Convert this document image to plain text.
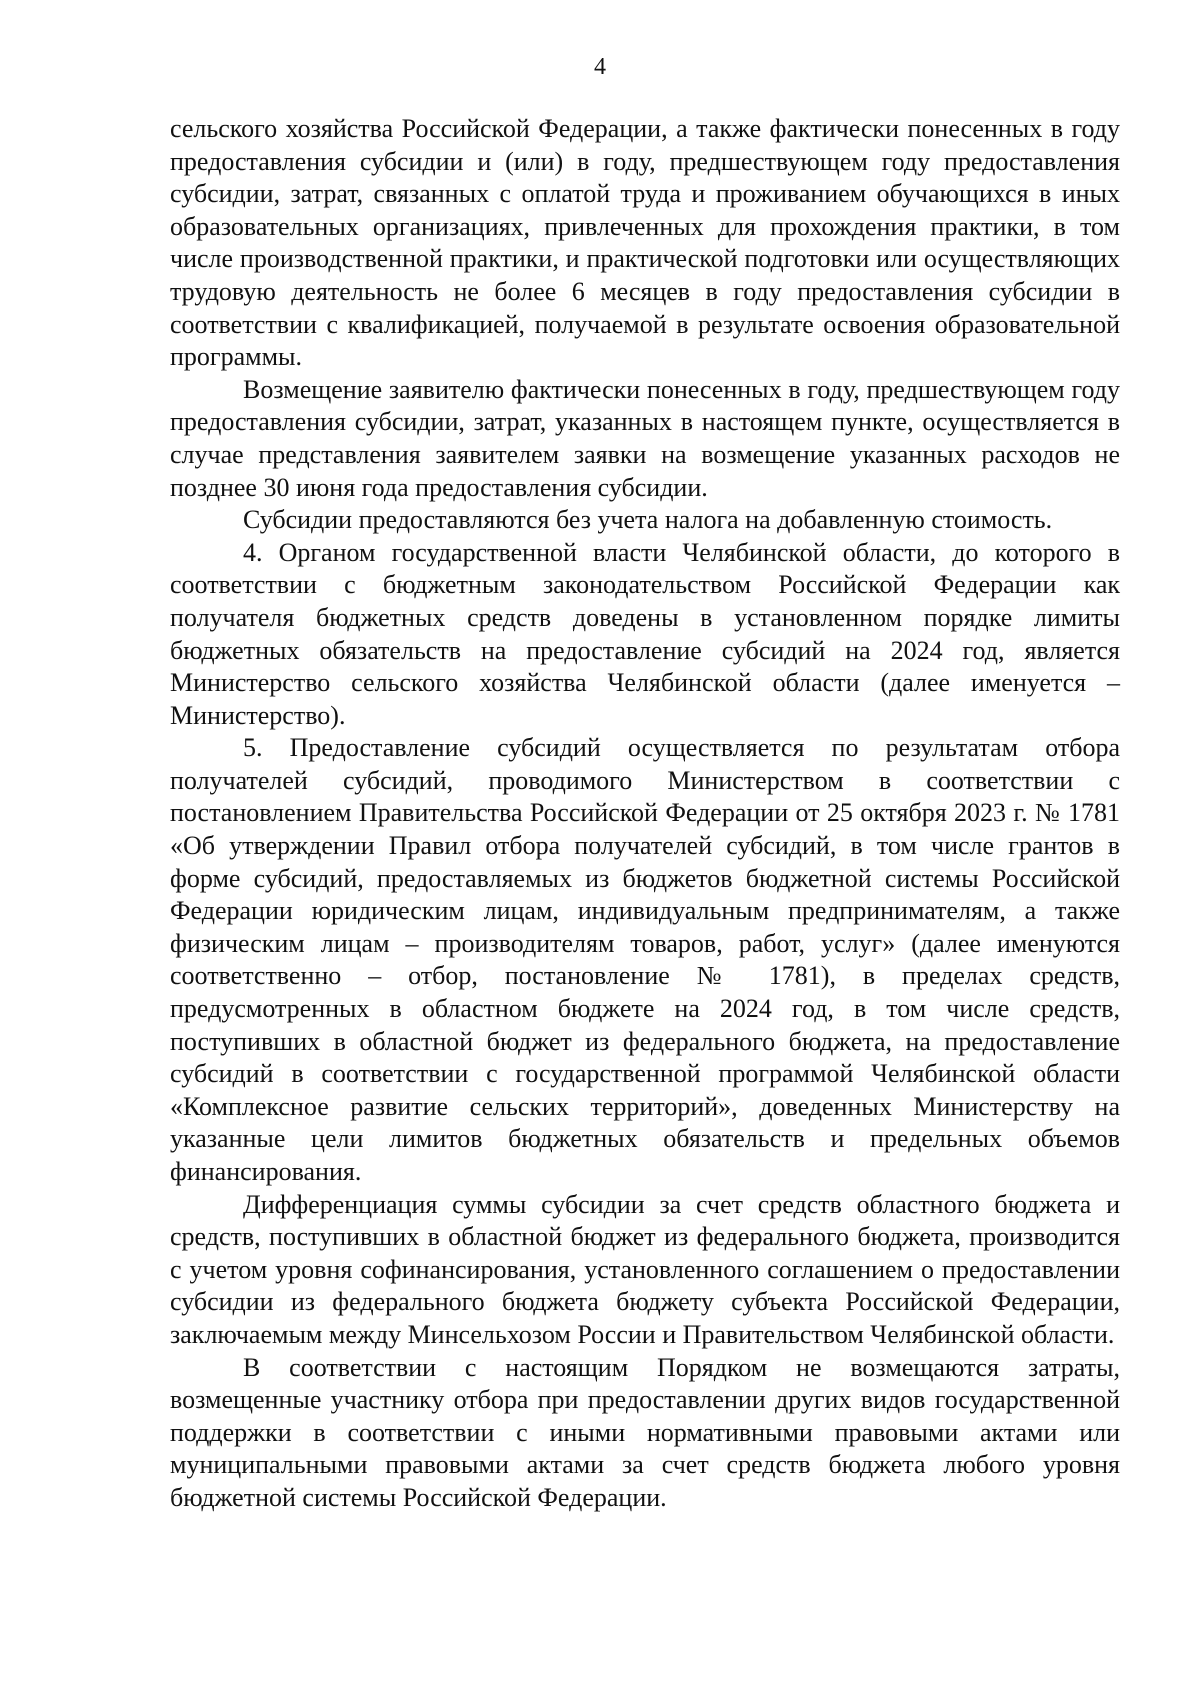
4

сельского хозяйства Российской Федерации, а также фактически понесенных в году предоставления субсидии и (или) в году, предшествующем году предоставления субсидии, затрат, связанных с оплатой труда и проживанием обучающихся в иных образовательных организациях, привлеченных для прохождения практики, в том числе производственной практики, и практической подготовки или осуществляющих трудовую деятельность не более 6 месяцев в году предоставления субсидии в соответствии с квалификацией, получаемой в результате освоения образовательной программы.

Возмещение заявителю фактически понесенных в году, предшествующем году предоставления субсидии, затрат, указанных в настоящем пункте, осуществляется в случае представления заявителем заявки на возмещение указанных расходов не позднее 30 июня года предоставления субсидии.

Субсидии предоставляются без учета налога на добавленную стоимость.

4. Органом государственной власти Челябинской области, до которого в соответствии с бюджетным законодательством Российской Федерации как получателя бюджетных средств доведены в установленном порядке лимиты бюджетных обязательств на предоставление субсидий на 2024 год, является Министерство сельского хозяйства Челябинской области (далее именуется – Министерство).

5. Предоставление субсидий осуществляется по результатам отбора получателей субсидий, проводимого Министерством в соответствии с постановлением Правительства Российской Федерации от 25 октября 2023 г. № 1781 «Об утверждении Правил отбора получателей субсидий, в том числе грантов в форме субсидий, предоставляемых из бюджетов бюджетной системы Российской Федерации юридическим лицам, индивидуальным предпринимателям, а также физическим лицам – производителям товаров, работ, услуг» (далее именуются соответственно – отбор, постановление № 1781), в пределах средств, предусмотренных в областном бюджете на 2024 год, в том числе средств, поступивших в областной бюджет из федерального бюджета, на предоставление субсидий в соответствии с государственной программой Челябинской области «Комплексное развитие сельских территорий», доведенных Министерству на указанные цели лимитов бюджетных обязательств и предельных объемов финансирования.

Дифференциация суммы субсидии за счет средств областного бюджета и средств, поступивших в областной бюджет из федерального бюджета, производится с учетом уровня софинансирования, установленного соглашением о предоставлении субсидии из федерального бюджета бюджету субъекта Российской Федерации, заключаемым между Минсельхозом России и Правительством Челябинской области.

В соответствии с настоящим Порядком не возмещаются затраты, возмещенные участнику отбора при предоставлении других видов государственной поддержки в соответствии с иными нормативными правовыми актами или муниципальными правовыми актами за счет средств бюджета любого уровня бюджетной системы Российской Федерации.
